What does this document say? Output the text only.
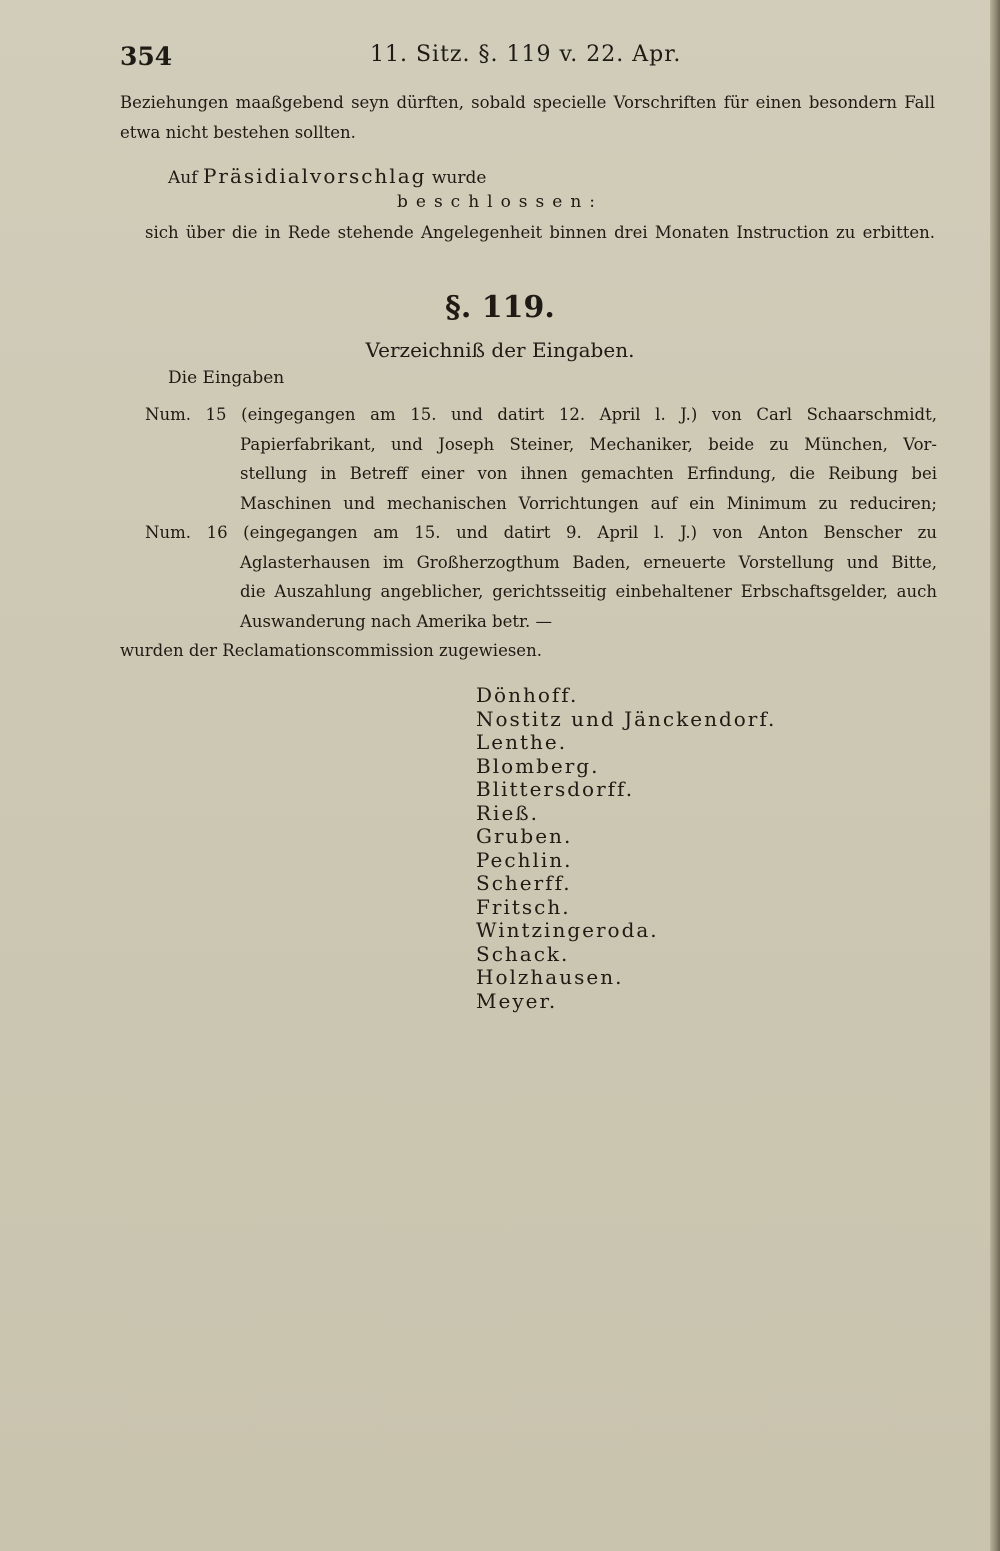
354	11. Sitz. §. 119 v. 22. Apr.
Beziehungen maaßgebend seyn dürften, sobald specielle Vorschriften für einen besondern Fall
etwa nicht bestehen sollten.
Auf Präsidialvorschlag wurde
beschlossen:
sich über die in Rede stehende Angelegenheit binnen drei Monaten Instruction zu erbitten.
§. 119.
Verzeichniß der Eingaben.
Die Eingaben
Num. 15 (eingegangen am 15. und datirt 12. April l. J.) von Carl Schaarschmidt,
Papierfabrikant, und Joseph Steiner, Mechaniker, beide zu München, Vor-
stellung in Betreff einer von ihnen gemachten Erfindung, die Reibung bei
Maschinen und mechanischen Vorrichtungen auf ein Minimum zu reduciren;
Num. 16 (eingegangen am 15. und datirt 9. April l. J.) von Anton Benscher zu
Aglasterhausen im Großherzogthum Baden, erneuerte Vorstellung und Bitte,
die Auszahlung angeblicher, gerichtsseitig einbehaltener Erbschaftsgelder, auch
Auswanderung nach Amerika betr. —
wurden der Reclamationscommission zugewiesen.
Dönhoff.
Nostitz und Jänckendorf.
Lenthe.
Blomberg.
Blittersdorff.
Rieß.
Gruben.
Pechlin.
Scherff.
Fritsch.
Wintzingeroda.
Schack.
Holzhausen.
Meyer.
